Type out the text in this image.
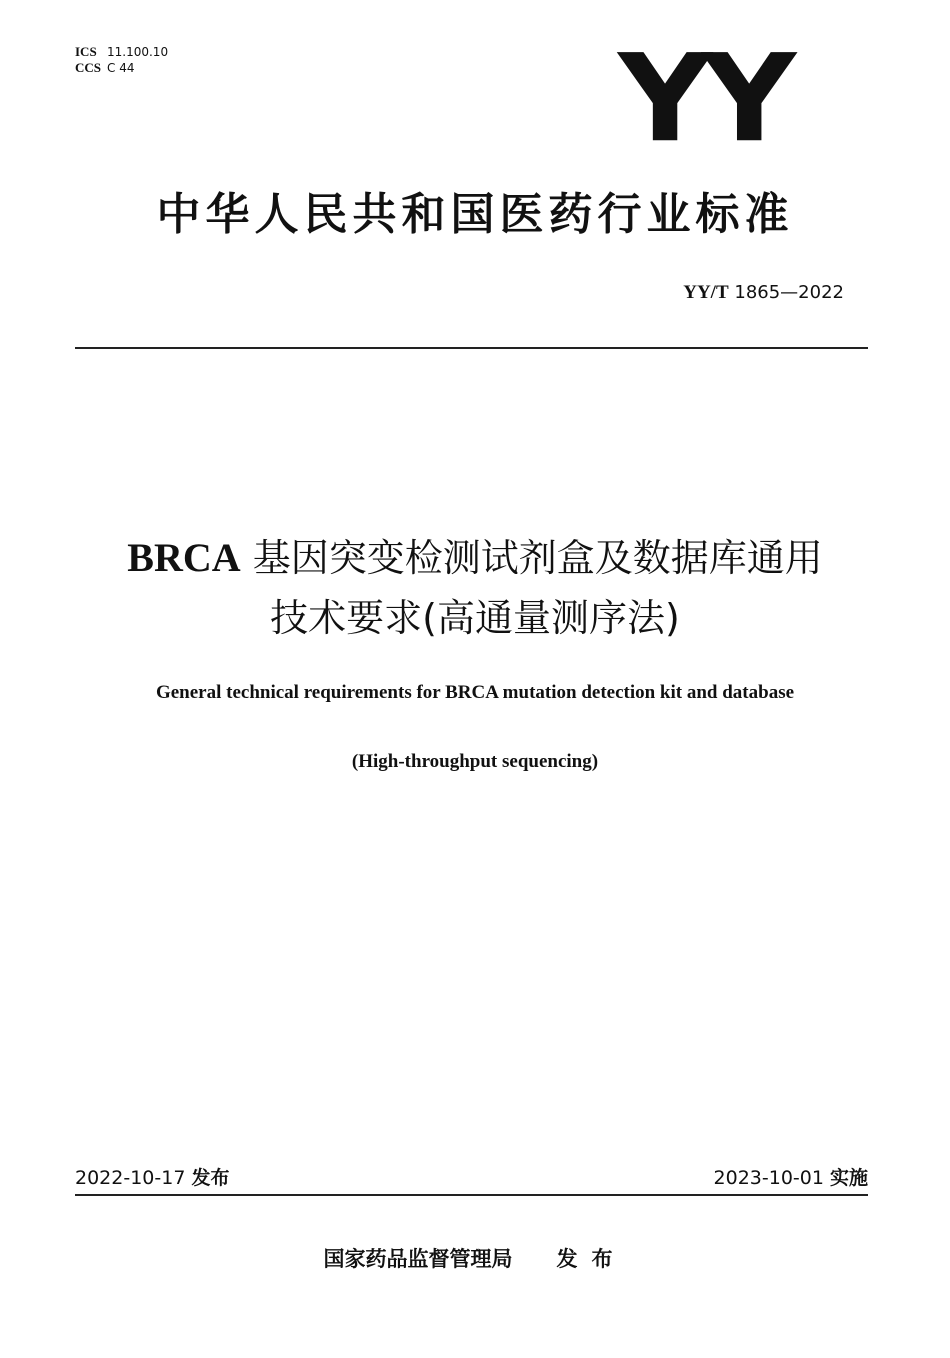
ICS 11.100.10
CCS C 44	YY
中华人民共和国医药行业标准
YY/T 1865—2022
BRCA 基因突变检测试剂盒及数据库通用
技术要求(高通量测序法)
General technical requirements for BRCA mutation detection kit and database
(High-throughput sequencing)
2022-10-17 发布	2023-10-01 实施
国家药品监督管理局 发布
